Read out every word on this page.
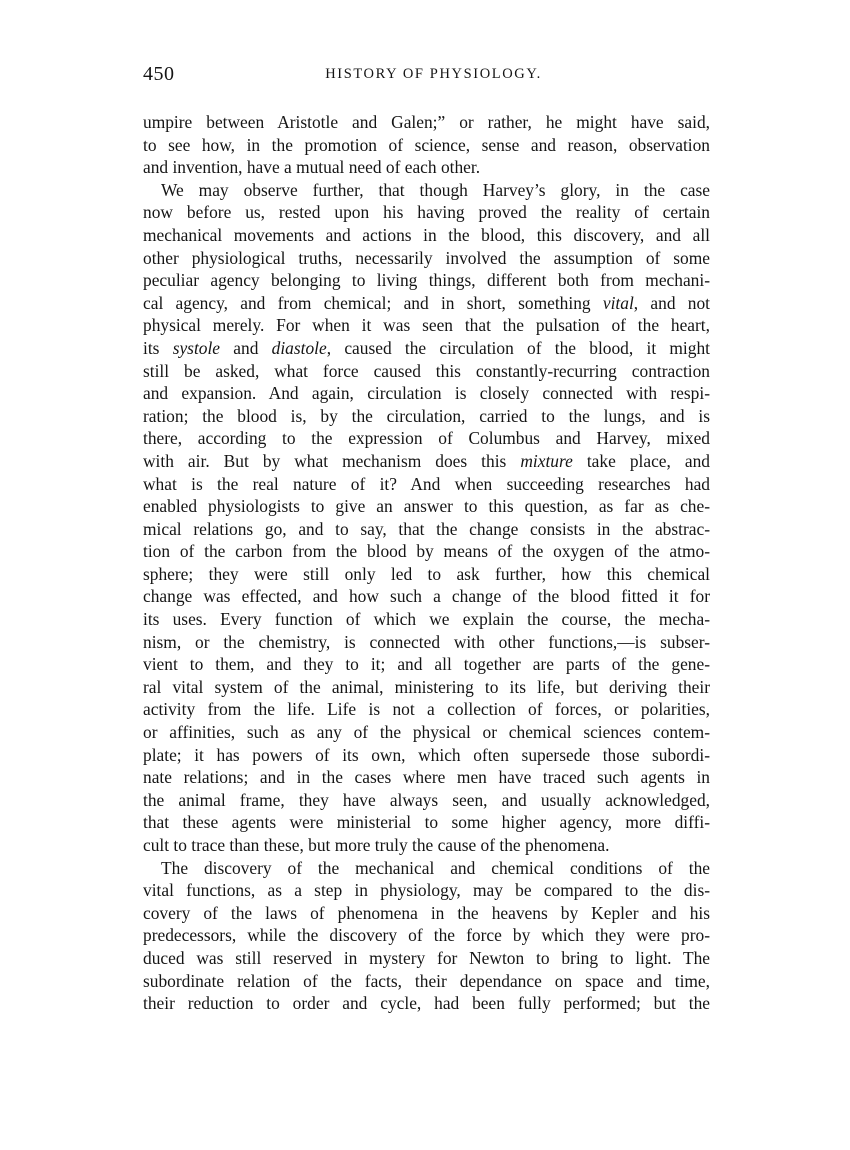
450	HISTORY OF PHYSIOLOGY.
umpire between Aristotle and Galen;” or rather, he might have said,
to see how, in the promotion of science, sense and reason, observation
and invention, have a mutual need of each other.
We may observe further, that though Harvey’s glory, in the case
now before us, rested upon his having proved the reality of certain
mechanical movements and actions in the blood, this discovery, and all
other physiological truths, necessarily involved the assumption of some
peculiar agency belonging to living things, different both from mechani-
cal agency, and from chemical; and in short, something vital, and not
physical merely. For when it was seen that the pulsation of the heart,
its systole and diastole, caused the circulation of the blood, it might
still be asked, what force caused this constantly-recurring contraction
and expansion. And again, circulation is closely connected with respi-
ration; the blood is, by the circulation, carried to the lungs, and is
there, according to the expression of Columbus and Harvey, mixed
with air. But by what mechanism does this mixture take place, and
what is the real nature of it? And when succeeding researches had
enabled physiologists to give an answer to this question, as far as che-
mical relations go, and to say, that the change consists in the abstrac-
tion of the carbon from the blood by means of the oxygen of the atmo-
sphere; they were still only led to ask further, how this chemical
change was effected, and how such a change of the blood fitted it for
its uses. Every function of which we explain the course, the mecha-
nism, or the chemistry, is connected with other functions,—is subser-
vient to them, and they to it; and all together are parts of the gene-
ral vital system of the animal, ministering to its life, but deriving their
activity from the life. Life is not a collection of forces, or polarities,
or affinities, such as any of the physical or chemical sciences contem-
plate; it has powers of its own, which often supersede those subordi-
nate relations; and in the cases where men have traced such agents in
the animal frame, they have always seen, and usually acknowledged,
that these agents were ministerial to some higher agency, more diffi-
cult to trace than these, but more truly the cause of the phenomena.
The discovery of the mechanical and chemical conditions of the
vital functions, as a step in physiology, may be compared to the dis-
covery of the laws of phenomena in the heavens by Kepler and his
predecessors, while the discovery of the force by which they were pro-
duced was still reserved in mystery for Newton to bring to light. The
subordinate relation of the facts, their dependance on space and time,
their reduction to order and cycle, had been fully performed; but the
